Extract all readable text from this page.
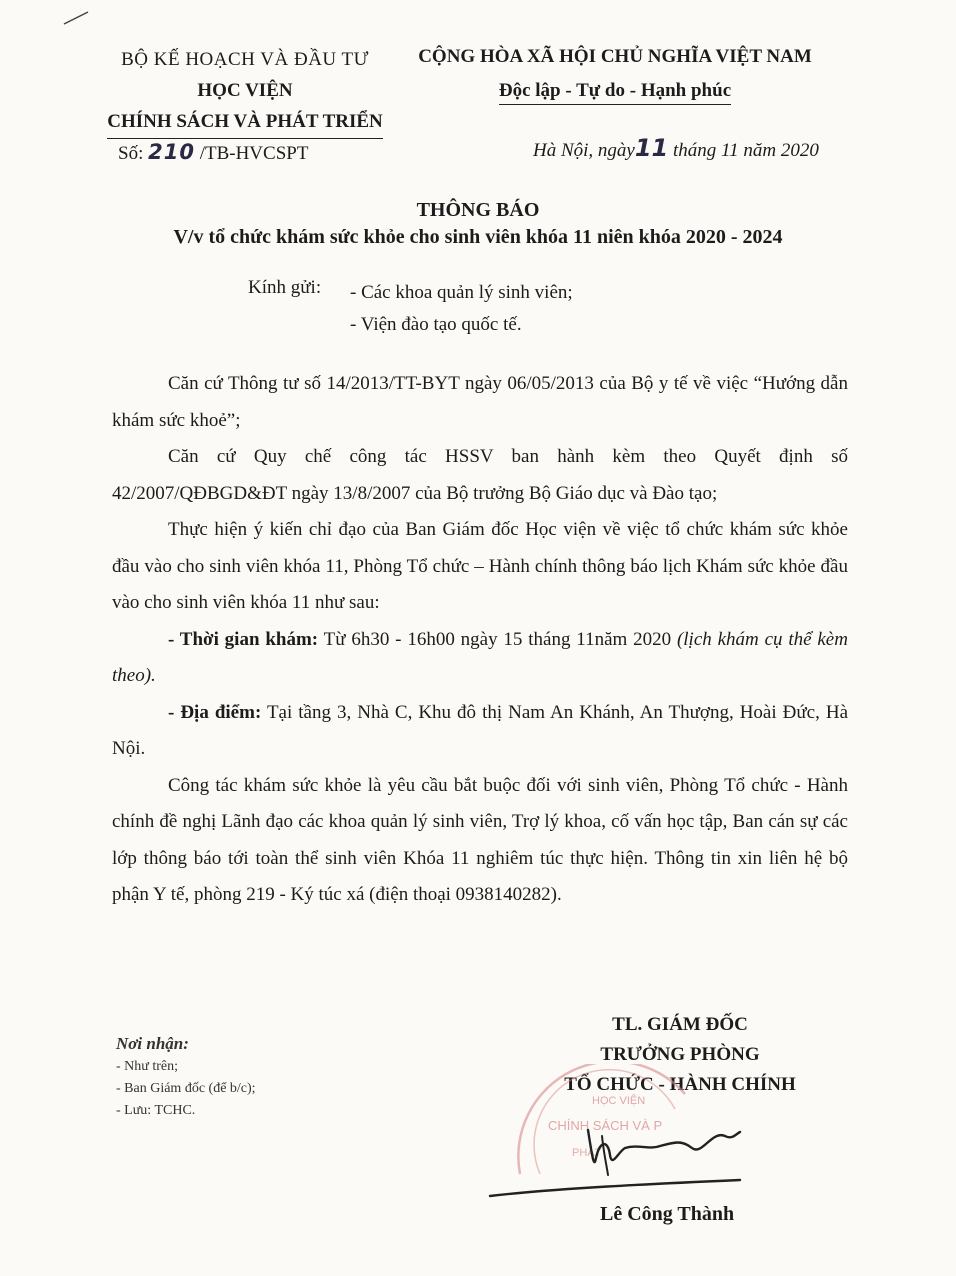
BỘ KẾ HOẠCH VÀ ĐẦU TƯ
HỌC VIỆN
CHÍNH SÁCH VÀ PHÁT TRIỂN
Số: 210 /TB-HVCSPT
CỘNG HÒA XÃ HỘI CHỦ NGHĨA VIỆT NAM
Độc lập - Tự do - Hạnh phúc
Hà Nội, ngày11 tháng 11 năm 2020
THÔNG BÁO
V/v tổ chức khám sức khỏe cho sinh viên khóa 11 niên khóa 2020 - 2024
Kính gửi: - Các khoa quản lý sinh viên;
- Viện đào tạo quốc tế.

Căn cứ Thông tư số 14/2013/TT-BYT ngày 06/05/2013 của Bộ y tế về việc “Hướng dẫn khám sức khoẻ”;

Căn cứ Quy chế công tác HSSV ban hành kèm theo Quyết định số 42/2007/QĐBGD&ĐT ngày 13/8/2007 của Bộ trưởng Bộ Giáo dục và Đào tạo;

Thực hiện ý kiến chỉ đạo của Ban Giám đốc Học viện về việc tổ chức khám sức khỏe đầu vào cho sinh viên khóa 11, Phòng Tổ chức – Hành chính thông báo lịch Khám sức khỏe đầu vào cho sinh viên khóa 11 như sau:

- Thời gian khám: Từ 6h30 - 16h00 ngày 15 tháng 11năm 2020 (lịch khám cụ thể kèm theo).

- Địa điểm: Tại tầng 3, Nhà C, Khu đô thị Nam An Khánh, An Thượng, Hoài Đức, Hà Nội.

Công tác khám sức khỏe là yêu cầu bắt buộc đối với sinh viên, Phòng Tổ chức - Hành chính đề nghị Lãnh đạo các khoa quản lý sinh viên, Trợ lý khoa, cố vấn học tập, Ban cán sự các lớp thông báo tới toàn thể sinh viên Khóa 11 nghiêm túc thực hiện. Thông tin xin liên hệ bộ phận Y tế, phòng 219 - Ký túc xá (điện thoại 0938140282).

Nơi nhận:
- Như trên;
- Ban Giám đốc (để b/c);
- Lưu: TCHC.
TL. GIÁM ĐỐC
TRƯỞNG PHÒNG
TỔ CHỨC - HÀNH CHÍNH
HỌC VIỆN
CHÍNH SÁCH VÀ P
PHÁT
Lê Công Thành
